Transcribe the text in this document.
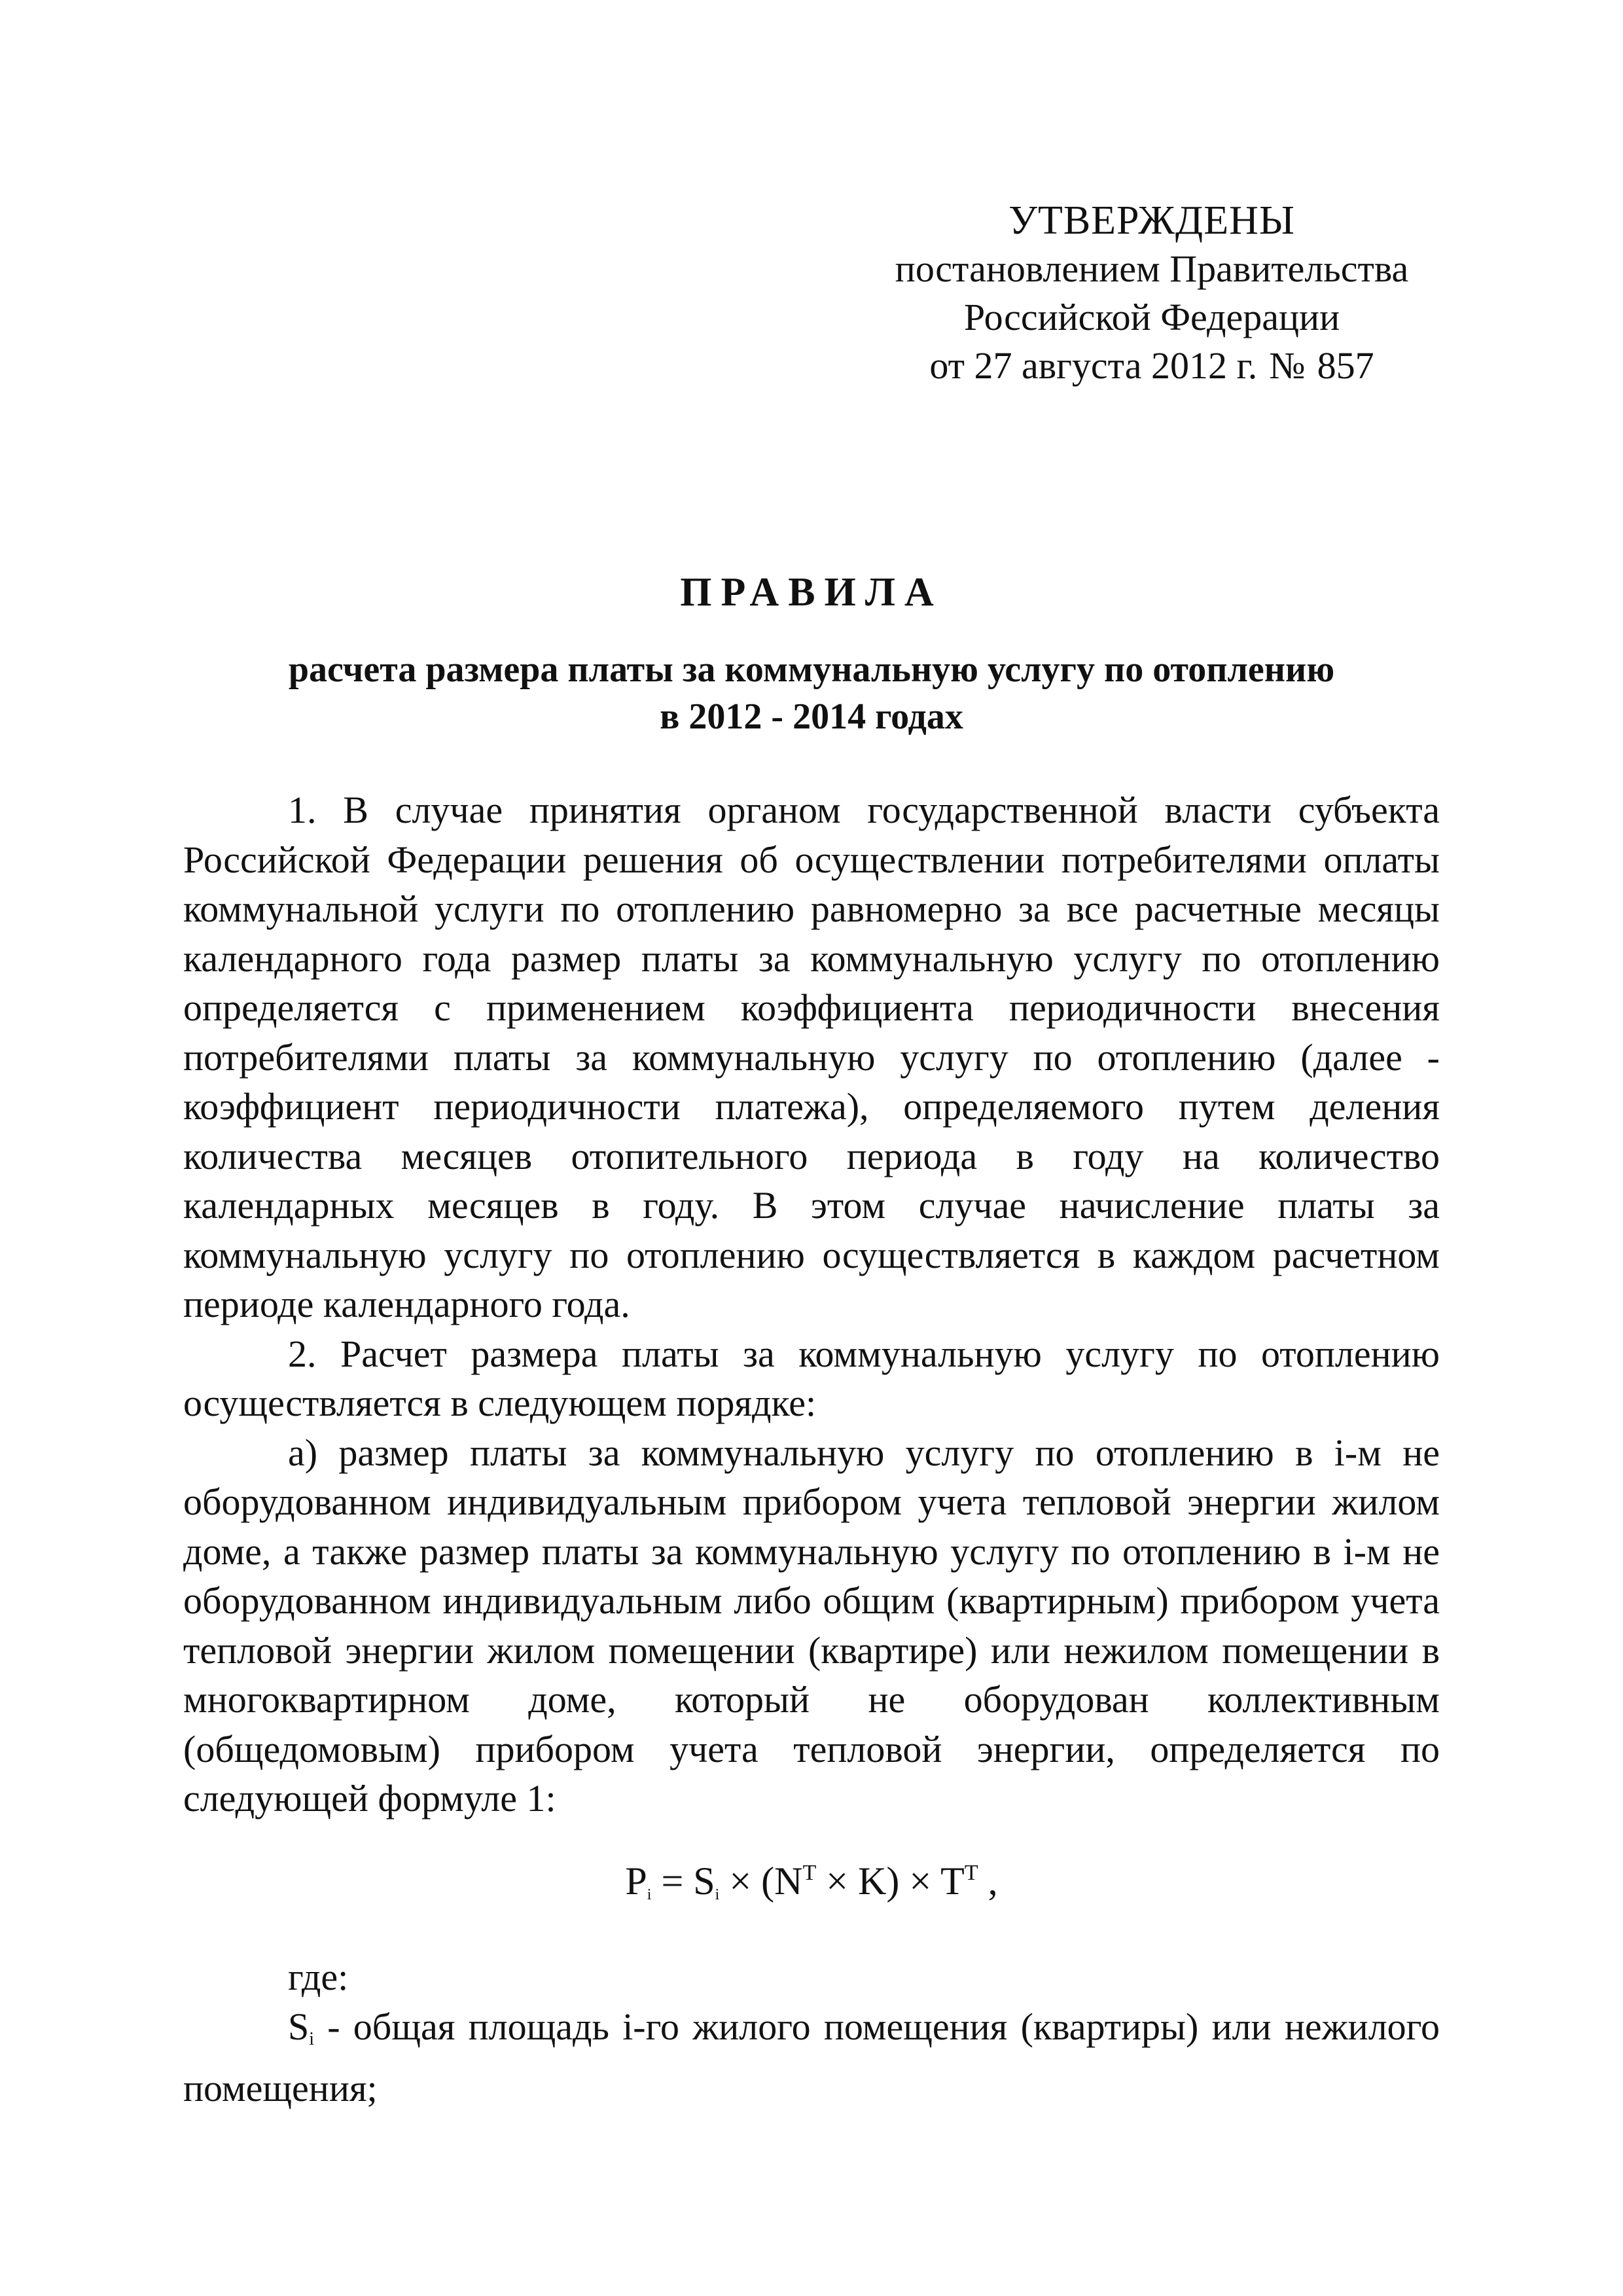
УТВЕРЖДЕНЫ
постановлением Правительства
Российской Федерации
от 27 августа 2012 г. № 857
ПРАВИЛА
расчета размера платы за коммунальную услугу по отоплению
в 2012 - 2014 годах

1. В случае принятия органом государственной власти субъекта Российской Федерации решения об осуществлении потребителями оплаты коммунальной услуги по отоплению равномерно за все расчетные месяцы календарного года размер платы за коммунальную услугу по отоплению определяется с применением коэффициента периодичности внесения потребителями платы за коммунальную услугу по отоплению (далее - коэффициент периодичности платежа), определяемого путем деления количества месяцев отопительного периода в году на количество календарных месяцев в году. В этом случае начисление платы за коммунальную услугу по отоплению осуществляется в каждом расчетном периоде календарного года.

2. Расчет размера платы за коммунальную услугу по отоплению осуществляется в следующем порядке:

а) размер платы за коммунальную услугу по отоплению в i-м не оборудованном индивидуальным прибором учета тепловой энергии жилом доме, а также размер платы за коммунальную услугу по отоплению в i-м не оборудованном индивидуальным либо общим (квартирным) прибором учета тепловой энергии жилом помещении (квартире) или нежилом помещении в многоквартирном доме, который не оборудован коллективным (общедомовым) прибором учета тепловой энергии, определяется по следующей формуле 1:

$P_i = S_i \times (N^T \times K) \times T^T$ ,

где:

$S_i$ - общая площадь i-го жилого помещения (квартиры) или нежилого помещения;
